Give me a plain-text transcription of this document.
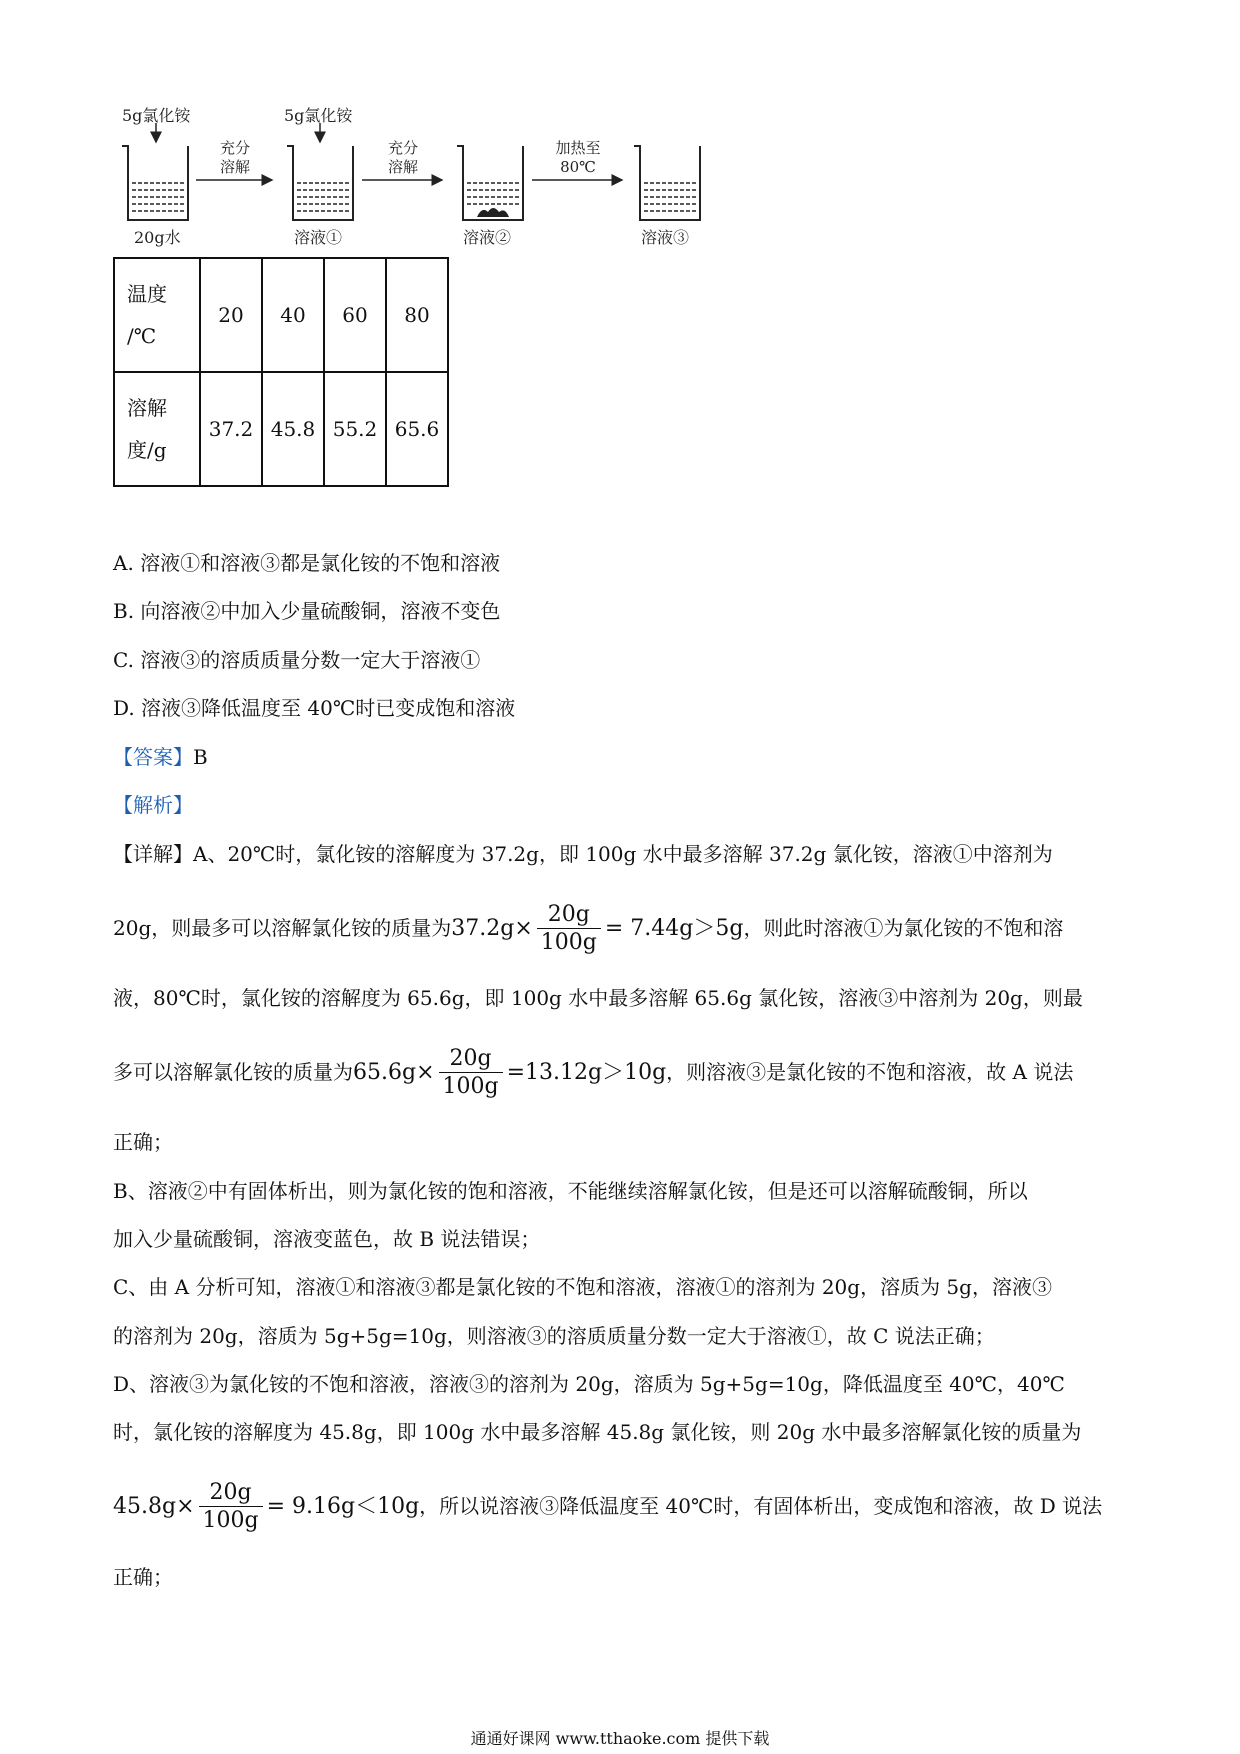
5g氯化铵	5g氯化铵
充分
溶解
充分
溶解
加热至
80℃
20g水	溶液①	溶液②	溶液③
温度
/℃	20	40	60	80

溶解
度/g	37.2	45.8	55.2	65.6
A. 溶液①和溶液③都是氯化铵的不饱和溶液
B. 向溶液②中加入少量硫酸铜，溶液不变色
C. 溶液③的溶质质量分数一定大于溶液①
D. 溶液③降低温度至 40℃时已变成饱和溶液
【答案】B
【解析】
【详解】A、20℃时，氯化铵的溶解度为 37.2g，即 100g 水中最多溶解 37.2g 氯化铵，溶液①中溶剂为
20g，则最多可以溶解氯化铵的质量为$37.2g\times \frac{20g}{100g} = 7.44g>5g$，则此时溶液①为氯化铵的不饱和溶
液，80℃时，氯化铵的溶解度为 65.6g，即 100g 水中最多溶解 65.6g 氯化铵，溶液③中溶剂为 20g，则最
多可以溶解氯化铵的质量为$65.6g\times \frac{20g}{100g} =13.12g>10g$，则溶液③是氯化铵的不饱和溶液，故 A 说法
正确；
B、溶液②中有固体析出，则为氯化铵的饱和溶液，不能继续溶解氯化铵，但是还可以溶解硫酸铜，所以
加入少量硫酸铜，溶液变蓝色，故 B 说法错误；
C、由 A 分析可知，溶液①和溶液③都是氯化铵的不饱和溶液，溶液①的溶剂为 20g，溶质为 5g，溶液③
的溶剂为 20g，溶质为 5g+5g=10g，则溶液③的溶质质量分数一定大于溶液①，故 C 说法正确；
D、溶液③为氯化铵的不饱和溶液，溶液③的溶剂为 20g，溶质为 5g+5g=10g，降低温度至 40℃，40℃
时，氯化铵的溶解度为 45.8g，即 100g 水中最多溶解 45.8g 氯化铵，则 20g 水中最多溶解氯化铵的质量为
$45.8g\times \frac{20g}{100g} = 9.16g<10g$，所以说溶液③降低温度至 40℃时，有固体析出，变成饱和溶液，故 D 说法
正确；
通通好课网 www.tthaoke.com 提供下载
